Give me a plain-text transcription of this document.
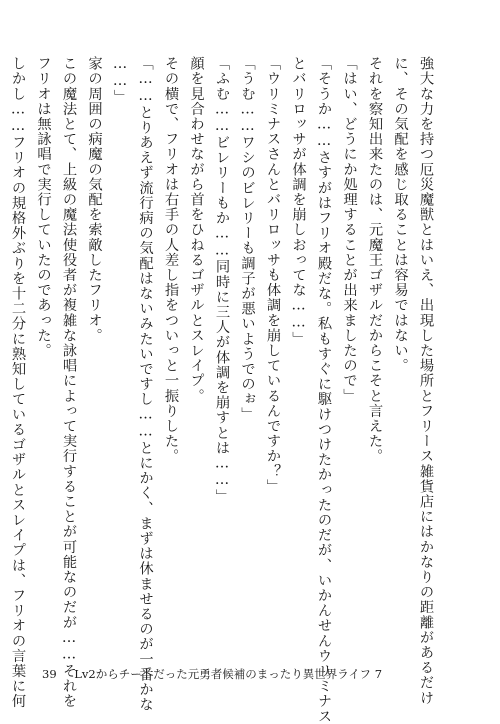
強大な力を持つ厄災魔獣とはいえ、出現した場所とフリース雑貨店にはかなりの距離があるだけ

に、その気配を感じ取ることは容易ではない。

それを察知出来たのは、元魔王ゴザルだからこそと言えた。

「はい、どうにか処理することが出来ましたので」

「そうか……さすがはフリオ殿だな。私もすぐに駆けつけたかったのだが、いかんせんウリミナス

とバリロッサが体調を崩しおってな……」

「ウリミナスさんとバリロッサも体調を崩しているんですか？」

「うむ……ワシのビレリーも調子が悪いようでのぉ」

「ふむ……ビレリーもか……同時に三人が体調を崩すとは……」

顔を見合わせながら首をひねるゴザルとスレイプ。

その横で、フリオは右手の人差し指をついっと一振りした。

「……とりあえず流行病の気配はないみたいですし……とにかく、まずは休ませるのが一番かな

……」

家の周囲の病魔の気配を索敵したフリオ。

この魔法とて、上級の魔法使役者が複雑な詠唱によって実行することが可能なのだが……それを

フリオは無詠唱で実行していたのであった。

しかし……フリオの規格外ぶりを十二分に熟知しているゴザルとスレイプは、フリオの言葉に何	39 Lv2からチートだった元勇者候補のまったり異世界ライフ 7
